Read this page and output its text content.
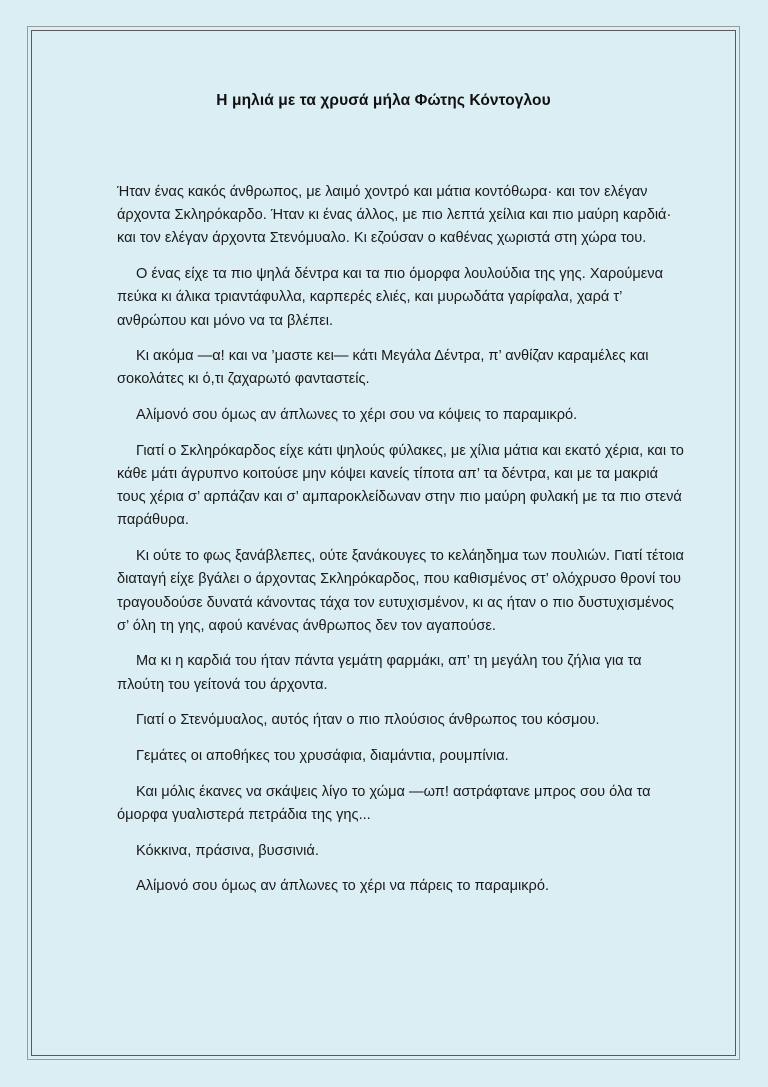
Η μηλιά με τα χρυσά μήλα Φώτης Κόντογλου

Ήταν ένας κακός άνθρωπος, με λαιμό χοντρό και μάτια κοντόθωρα· και τον ελέγαν άρχοντα Σκληρόκαρδο. Ήταν κι ένας άλλος, με πιο λεπτά χείλια και πιο μαύρη καρδιά· και τον ελέγαν άρχοντα Στενόμυαλο. Κι εζούσαν ο καθένας χωριστά στη χώρα του.

Ο ένας είχε τα πιο ψηλά δέντρα και τα πιο όμορφα λουλούδια της γης. Χαρούμενα πεύκα κι άλικα τριαντάφυλλα, καρπερές ελιές, και μυρωδάτα γαρίφαλα, χαρά τ’ ανθρώπου και μόνο να τα βλέπει.

Κι ακόμα —α! και να ’μαστε κει— κάτι Μεγάλα Δέντρα, π’ ανθίζαν καραμέλες και σοκολάτες κι ό,τι ζαχαρωτό φανταστείς.

Αλίμονό σου όμως αν άπλωνες το χέρι σου να κόψεις το παραμικρό.

Γιατί ο Σκληρόκαρδος είχε κάτι ψηλούς φύλακες, με χίλια μάτια και εκατό χέρια, και το κάθε μάτι άγρυπνο κοιτούσε μην κόψει κανείς τίποτα απ’ τα δέντρα, και με τα μακριά τους χέρια σ’ αρπάζαν και σ’ αμπαροκλείδωναν στην πιο μαύρη φυλακή με τα πιο στενά παράθυρα.

Κι ούτε το φως ξανάβλεπες, ούτε ξανάκουγες το κελάηδημα των πουλιών. Γιατί τέτοια διαταγή είχε βγάλει ο άρχοντας Σκληρόκαρδος, που καθισμένος στ’ ολόχρυσο θρονί του τραγουδούσε δυνατά κάνοντας τάχα τον ευτυχισμένον, κι ας ήταν ο πιο δυστυχισμένος σ’ όλη τη γης, αφού κανένας άνθρωπος δεν τον αγαπούσε.

Μα κι η καρδιά του ήταν πάντα γεμάτη φαρμάκι, απ’ τη μεγάλη του ζήλια για τα πλούτη του γείτονά του άρχοντα.

Γιατί ο Στενόμυαλος, αυτός ήταν ο πιο πλούσιος άνθρωπος του κόσμου.

Γεμάτες οι αποθήκες του χρυσάφια, διαμάντια, ρουμπίνια.

Και μόλις έκανες να σκάψεις λίγο το χώμα —ωπ! αστράφτανε μπρος σου όλα τα όμορφα γυαλιστερά πετράδια της γης...

Κόκκινα, πράσινα, βυσσινιά.

Αλίμονό σου όμως αν άπλωνες το χέρι να πάρεις το παραμικρό.
